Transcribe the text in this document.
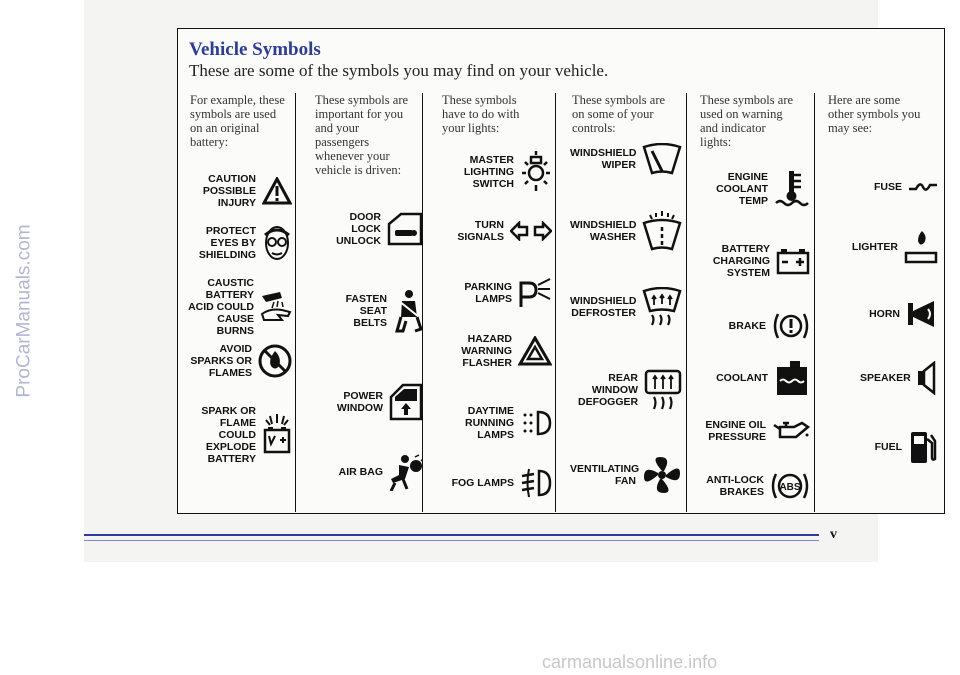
Vehicle Symbols
These are some of the symbols you may find on your vehicle.
For example, these symbols are used on an original battery:
CAUTION POSSIBLE INJURY
PROTECT EYES BY SHIELDING
CAUSTIC BATTERY ACID COULD CAUSE BURNS
AVOID SPARKS OR FLAMES
SPARK OR FLAME COULD EXPLODE BATTERY
These symbols are important for you and your passengers whenever your vehicle is driven:
DOOR LOCK UNLOCK
FASTEN SEAT BELTS
POWER WINDOW
AIR BAG
These symbols have to do with your lights:
MASTER LIGHTING SWITCH
TURN SIGNALS
PARKING LAMPS
HAZARD WARNING FLASHER
DAYTIME RUNNING LAMPS
FOG LAMPS
These symbols are on some of your controls:
WINDSHIELD WIPER
WINDSHIELD WASHER
WINDSHIELD DEFROSTER
REAR WINDOW DEFOGGER
VENTILATING FAN
These symbols are used on warning and indicator lights:
ENGINE COOLANT TEMP
BATTERY CHARGING SYSTEM
BRAKE
COOLANT
ENGINE OIL PRESSURE
ANTI-LOCK BRAKES ABS
Here are some other symbols you may see:
FUSE
LIGHTER
HORN
SPEAKER
FUEL
v
ProCarManuals.com
carmanualsonline.info
